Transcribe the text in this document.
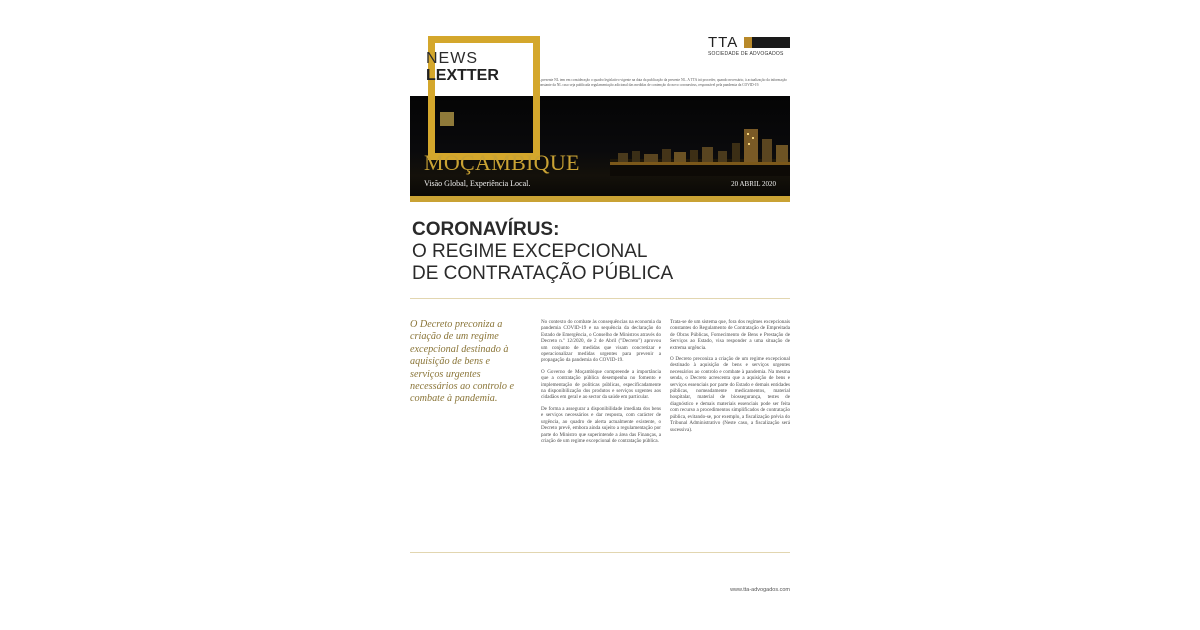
NEWS
LEXTTER
TTA
SOCIEDADE DE ADVOGADOS
A presente NL tem em consideração o quadro legislativo vigente na data da publicação da presente NL. A TTA irá proceder, quando necessário, à actualização da informação constante da NL caso seja publicada regulamentação adicional das medidas de contenção do novo coronavírus, responsável pela pandemia da COVID-19.
MOÇAMBIQUE
Visão Global, Experiência Local.	20 ABRIL 2020
CORONAVÍRUS:
O REGIME EXCEPCIONAL
DE CONTRATAÇÃO PÚBLICA
O Decreto preconiza a criação de um regime excepcional destinado à aquisição de bens e serviços urgentes necessários ao controlo e combate à pandemia.

No contexto do combate às consequências na economia da pandemia COVID-19 e na sequência da declaração do Estado de Emergência, o Conselho de Ministros através do Decreto n.º 12/2020, de 2 de Abril ("Decreto") aprovou um conjunto de medidas que visam concretizar e operacionalizar medidas urgentes para prevenir a propagação da pandemia do COVID-19.

O Governo de Moçambique compreende a importância que a contratação pública desempenha no fomento e implementação de políticas públicas, especificadamente na disponibilização dos produtos e serviços urgentes aos cidadãos em geral e ao sector da saúde em particular.

De forma a assegurar a disponibilidade imediata dos bens e serviços necessários e dar resposta, com carácter de urgência, ao quadro de alerta actualmente existente, o Decreto prevê, embora ainda sujeito a regulamentação por parte do Ministro que superintende a área das Finanças, a criação de um regime excepcional de contratação pública.

Trata-se de um sistema que, fora dos regimes excepcionais constantes do Regulamento de Contratação de Empreitada de Obras Públicas, Fornecimento de Bens e Prestação de Serviços ao Estado, visa responder a uma situação de extrema urgência.

O Decreto preconiza a criação de um regime excepcional destinado à aquisição de bens e serviços urgentes necessários ao controlo e combate à pandemia. Na mesma senda, o Decreto acrescenta que a aquisição de bens e serviços essenciais por parte do Estado e demais entidades públicas, nomeadamente medicamentos, material hospitalar, material de biossegurança, testes de diagnóstico e demais materiais essenciais pode ser feita com recurso a procedimentos simplificados de contratação pública, evitando-se, por exemplo, a fiscalização prévia do Tribunal Administrativo (Neste caso, a fiscalização será sucessiva).

www.tta-advogados.com
